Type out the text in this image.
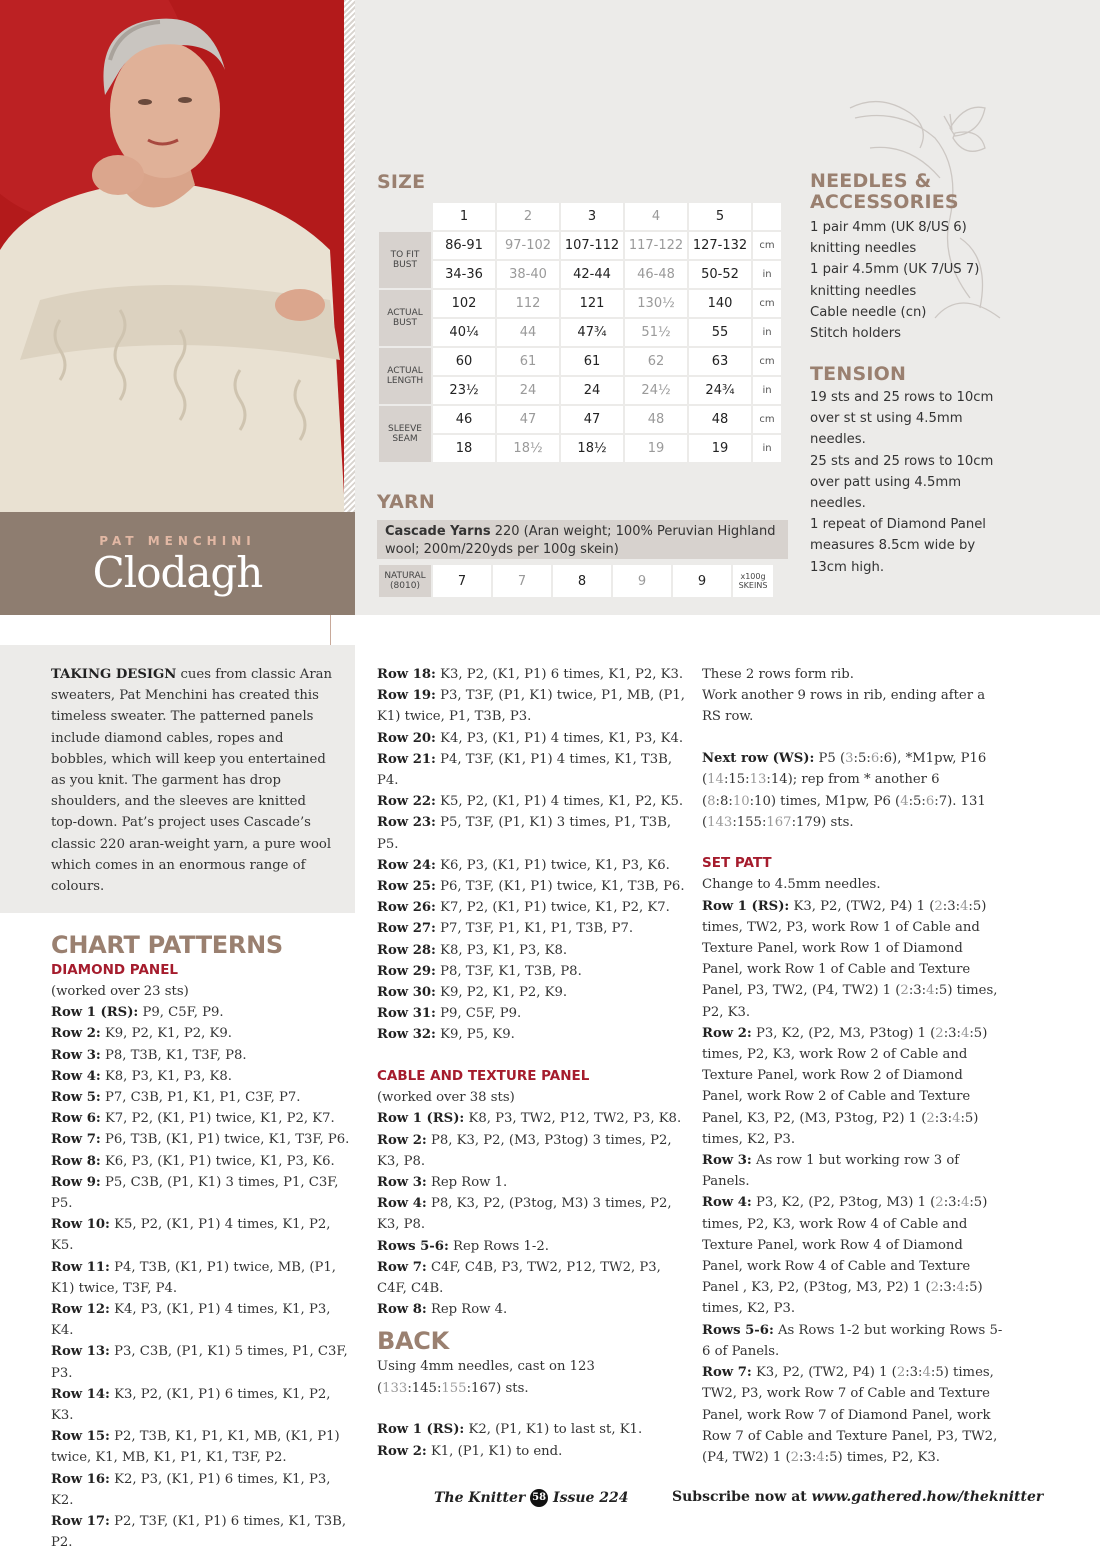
PAT MENCHINI
Clodagh
SIZE
	1	2	3	4	5	
TO FIT BUST	86-91	97-102	107-112	117-122	127-132	cm
	34-36	38-40	42-44	46-48	50-52	in
ACTUAL BUST	102	112	121	130½	140	cm
	40¼	44	47¾	51½	55	in
ACTUAL LENGTH	60	61	61	62	63	cm
	23½	24	24	24½	24¾	in
SLEEVE SEAM	46	47	47	48	48	cm
	18	18½	18½	19	19	in
YARN
Cascade Yarns 220 (Aran weight; 100% Peruvian Highland wool; 200m/220yds per 100g skein)
NATURAL (8010)	7	7	8	9	9	x100g SKEINS
NEEDLES & ACCESSORIES
1 pair 4mm (UK 8/US 6)
knitting needles
1 pair 4.5mm (UK 7/US 7)
knitting needles
Cable needle (cn)
Stitch holders
TENSION
19 sts and 25 rows to 10cm
over st st using 4.5mm
needles.
25 sts and 25 rows to 10cm
over patt using 4.5mm
needles.
1 repeat of Diamond Panel
measures 8.5cm wide by
13cm high.
TAKING DESIGN cues from classic Aran sweaters, Pat Menchini has created this timeless sweater. The patterned panels include diamond cables, ropes and bobbles, which will keep you entertained as you knit. The garment has drop shoulders, and the sleeves are knitted top-down. Pat’s project uses Cascade’s classic 220 aran-weight yarn, a pure wool which comes in an enormous range of colours.
CHART PATTERNS
DIAMOND PANEL

(worked over 23 sts)

Row 1 (RS): P9, C5F, P9.

Row 2: K9, P2, K1, P2, K9.

Row 3: P8, T3B, K1, T3F, P8.

Row 4: K8, P3, K1, P3, K8.

Row 5: P7, C3B, P1, K1, P1, C3F, P7.

Row 6: K7, P2, (K1, P1) twice, K1, P2, K7.

Row 7: P6, T3B, (K1, P1) twice, K1, T3F, P6.

Row 8: K6, P3, (K1, P1) twice, K1, P3, K6.

Row 9: P5, C3B, (P1, K1) 3 times, P1, C3F, P5.

Row 10: K5, P2, (K1, P1) 4 times, K1, P2, K5.

Row 11: P4, T3B, (K1, P1) twice, MB, (P1, K1) twice, T3F, P4.

Row 12: K4, P3, (K1, P1) 4 times, K1, P3, K4.

Row 13: P3, C3B, (P1, K1) 5 times, P1, C3F, P3.

Row 14: K3, P2, (K1, P1) 6 times, K1, P2, K3.

Row 15: P2, T3B, K1, P1, K1, MB, (K1, P1) twice, K1, MB, K1, P1, K1, T3F, P2.

Row 16: K2, P3, (K1, P1) 6 times, K1, P3, K2.

Row 17: P2, T3F, (K1, P1) 6 times, K1, T3B, P2.

Row 18: K3, P2, (K1, P1) 6 times, K1, P2, K3.

Row 19: P3, T3F, (P1, K1) twice, P1, MB, (P1, K1) twice, P1, T3B, P3.

Row 20: K4, P3, (K1, P1) 4 times, K1, P3, K4.

Row 21: P4, T3F, (K1, P1) 4 times, K1, T3B, P4.

Row 22: K5, P2, (K1, P1) 4 times, K1, P2, K5.

Row 23: P5, T3F, (P1, K1) 3 times, P1, T3B, P5.

Row 24: K6, P3, (K1, P1) twice, K1, P3, K6.

Row 25: P6, T3F, (K1, P1) twice, K1, T3B, P6.

Row 26: K7, P2, (K1, P1) twice, K1, P2, K7.

Row 27: P7, T3F, P1, K1, P1, T3B, P7.

Row 28: K8, P3, K1, P3, K8.

Row 29: P8, T3F, K1, T3B, P8.

Row 30: K9, P2, K1, P2, K9.

Row 31: P9, C5F, P9.

Row 32: K9, P5, K9.

CABLE AND TEXTURE PANEL

(worked over 38 sts)

Row 1 (RS): K8, P3, TW2, P12, TW2, P3, K8.

Row 2: P8, K3, P2, (M3, P3tog) 3 times, P2, K3, P8.

Row 3: Rep Row 1.

Row 4: P8, K3, P2, (P3tog, M3) 3 times, P2, K3, P8.

Rows 5-6: Rep Rows 1-2.

Row 7: C4F, C4B, P3, TW2, P12, TW2, P3, C4F, C4B.

Row 8: Rep Row 4.

BACK

Using 4mm needles, cast on 123 (133:145:155:167) sts.

Row 1 (RS): K2, (P1, K1) to last st, K1.

Row 2: K1, (P1, K1) to end.

These 2 rows form rib.

Work another 9 rows in rib, ending after a RS row.

Next row (WS): P5 (3:5:6:6), *M1pw, P16 (14:15:13:14); rep from * another 6 (8:8:10:10) times, M1pw, P6 (4:5:6:7). 131 (143:155:167:179) sts.

SET PATT

Change to 4.5mm needles.

Row 1 (RS): K3, P2, (TW2, P4) 1 (2:3:4:5) times, TW2, P3, work Row 1 of Cable and Texture Panel, work Row 1 of Diamond Panel, work Row 1 of Cable and Texture Panel, P3, TW2, (P4, TW2) 1 (2:3:4:5) times, P2, K3.

Row 2: P3, K2, (P2, M3, P3tog) 1 (2:3:4:5) times, P2, K3, work Row 2 of Cable and Texture Panel, work Row 2 of Diamond Panel, work Row 2 of Cable and Texture Panel, K3, P2, (M3, P3tog, P2) 1 (2:3:4:5) times, K2, P3.

Row 3: As row 1 but working row 3 of Panels.

Row 4: P3, K2, (P2, P3tog, M3) 1 (2:3:4:5) times, P2, K3, work Row 4 of Cable and Texture Panel, work Row 4 of Diamond Panel, work Row 4 of Cable and Texture Panel , K3, P2, (P3tog, M3, P2) 1 (2:3:4:5) times, K2, P3.

Rows 5-6: As Rows 1-2 but working Rows 5-6 of Panels.

Row 7: K3, P2, (TW2, P4) 1 (2:3:4:5) times, TW2, P3, work Row 7 of Cable and Texture Panel, work Row 7 of Diamond Panel, work Row 7 of Cable and Texture Panel, P3, TW2, (P4, TW2) 1 (2:3:4:5) times, P2, K3.

The Knitter 58 Issue 224	Subscribe now at www.gathered.how/theknitter
